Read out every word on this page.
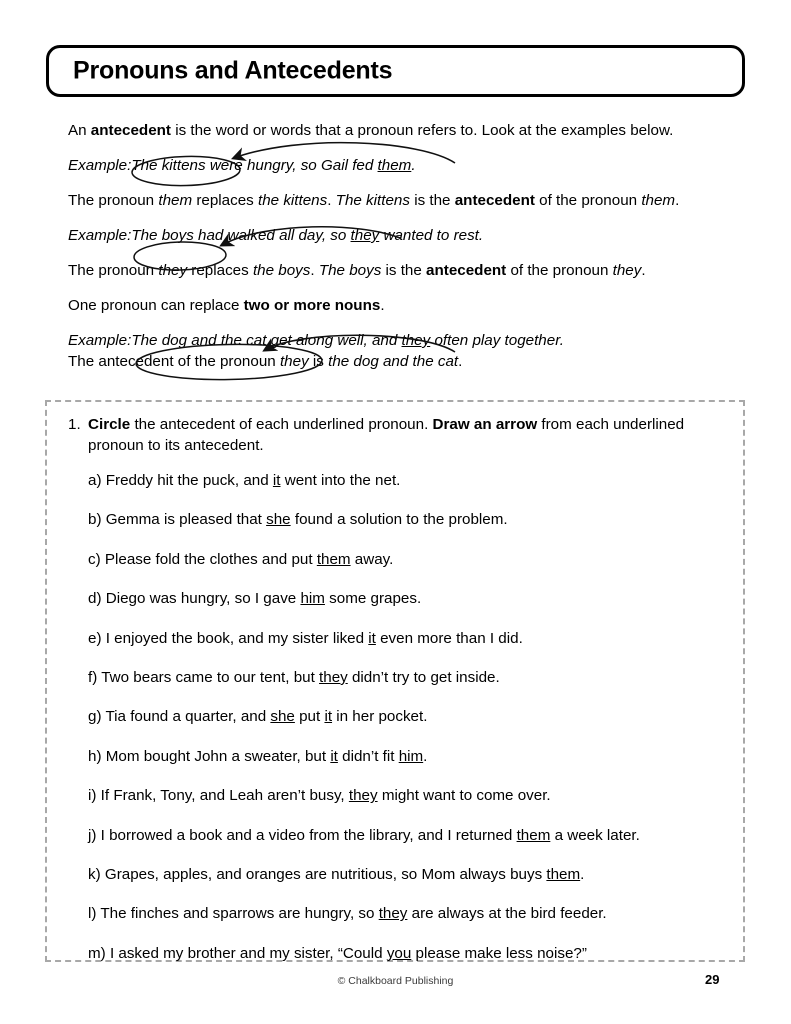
Pronouns and Antecedents
An antecedent is the word or words that a pronoun refers to. Look at the examples below.
Example:The kittens were hungry, so Gail fed them.
The pronoun them replaces the kittens. The kittens is the antecedent of the pronoun them.
Example:The boys had walked all day, so they wanted to rest.
The pronoun they replaces the boys. The boys is the antecedent of the pronoun they.
One pronoun can replace two or more nouns.
Example:The dog and the cat get along well, and they often play together.
The antecedent of the pronoun they is the dog and the cat.
1. Circle the antecedent of each underlined pronoun. Draw an arrow from each underlined pronoun to its antecedent.
a) Freddy hit the puck, and it went into the net.
b) Gemma is pleased that she found a solution to the problem.
c) Please fold the clothes and put them away.
d) Diego was hungry, so I gave him some grapes.
e) I enjoyed the book, and my sister liked it even more than I did.
f) Two bears came to our tent, but they didn’t try to get inside.
g) Tia found a quarter, and she put it in her pocket.
h) Mom bought John a sweater, but it didn’t fit him.
i) If Frank, Tony, and Leah aren’t busy, they might want to come over.
j) I borrowed a book and a video from the library, and I returned them a week later.
k) Grapes, apples, and oranges are nutritious, so Mom always buys them.
l) The finches and sparrows are hungry, so they are always at the bird feeder.
m) I asked my brother and my sister, “Could you please make less noise?”
© Chalkboard Publishing	29
